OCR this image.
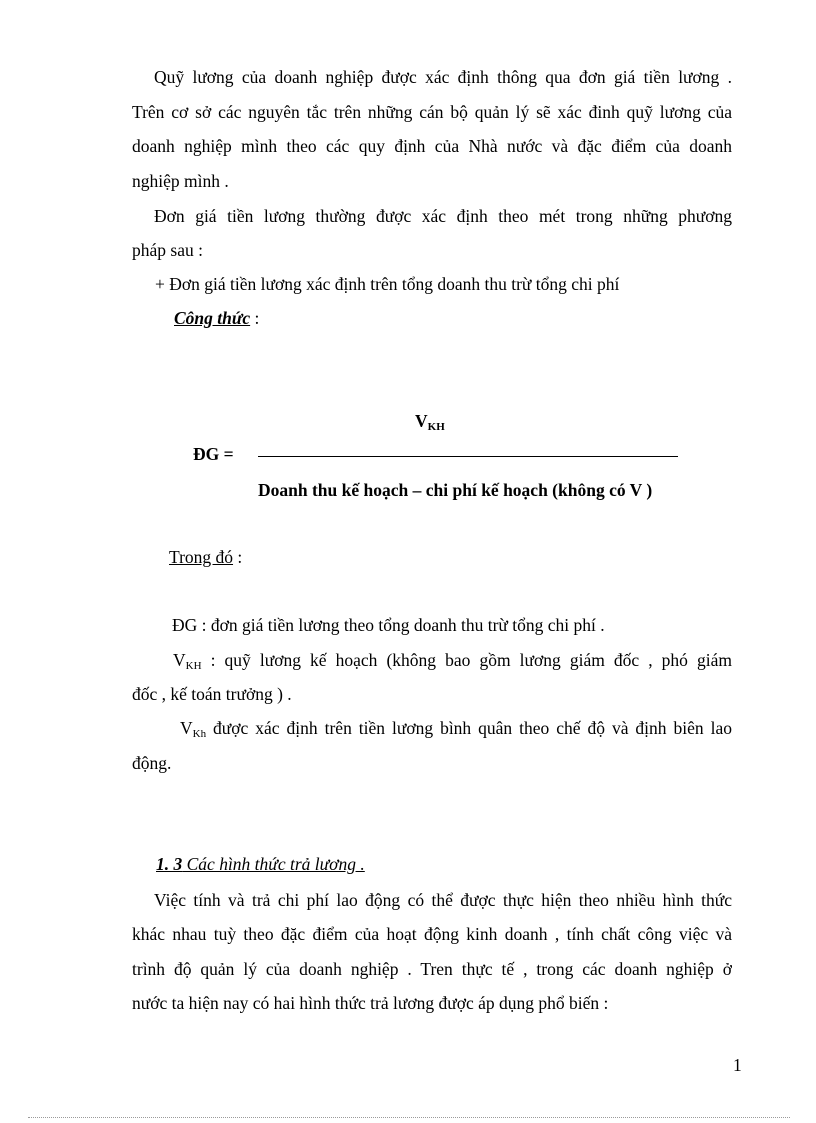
Quỹ lương của doanh nghiệp được xác định thông qua đơn giá tiền lương .
Trên cơ sở các nguyên tắc trên những cán bộ quản lý sẽ xác đinh quỹ lương của
doanh nghiệp mình theo các quy định của Nhà nước và đặc điểm của doanh
nghiệp mình .
Đơn giá tiền lương thường được xác định theo mét trong những phương
pháp sau :
+ Đơn giá tiền lương xác định trên tổng doanh thu trừ tổng chi phí
Công thức :
$V_{KH}$
ĐG =
Doanh thu kế hoạch – chi phí kế hoạch (không có V )
Trong đó :
ĐG : đơn giá tiền lương theo tổng doanh thu trừ tổng chi phí .
$V_{KH}$ : quỹ lương kế hoạch (không bao gồm lương giám đốc , phó giám
đốc , kế toán trưởng ) .
$V_{Kh}$ được xác định trên tiền lương bình quân theo chế độ và định biên lao
động.
1. 3 Các hình thức trả lương .
Việc tính và trả chi phí lao động có thể được thực hiện theo nhiều hình thức
khác nhau tuỳ theo đặc điểm của hoạt động kinh doanh , tính chất công việc và
trình độ quản lý của doanh nghiệp . Tren thực tế , trong các doanh nghiệp ở
nước ta hiện nay có hai hình thức trả lương được áp dụng phổ biến :
1
